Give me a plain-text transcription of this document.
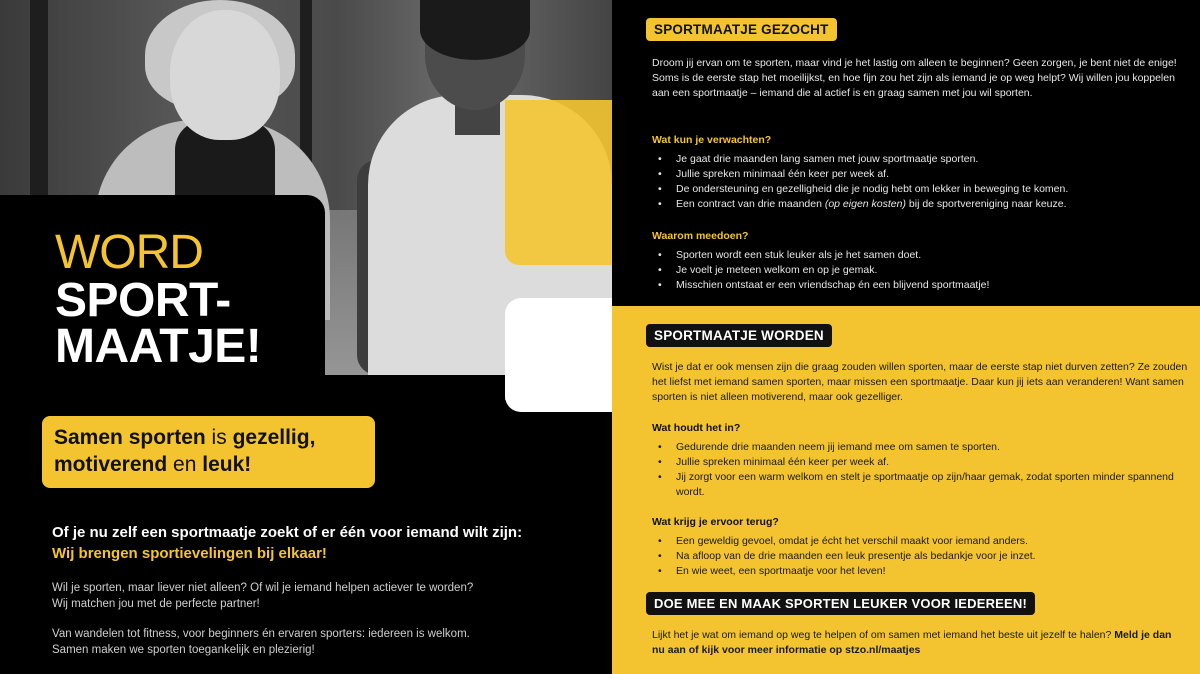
WORD
SPORT-
MAATJE!
Samen sporten is gezellig,
motiverend en leuk!
Of je nu zelf een sportmaatje zoekt of er één voor iemand wilt zijn:
Wij brengen sportievelingen bij elkaar!
Wil je sporten, maar liever niet alleen? Of wil je iemand helpen actiever te worden?
Wij matchen jou met de perfecte partner!
Van wandelen tot fitness, voor beginners én ervaren sporters: iedereen is welkom.
Samen maken we sporten toegankelijk en plezierig!
SPORTMAATJE GEZOCHT
Droom jij ervan om te sporten, maar vind je het lastig om alleen te beginnen? Geen zorgen, je bent niet de enige! Soms is de eerste stap het moeilijkst, en hoe fijn zou het zijn als iemand je op weg helpt? Wij willen jou koppelen aan een sportmaatje – iemand die al actief is en graag samen met jou wil sporten.
Wat kun je verwachten?
• Je gaat drie maanden lang samen met jouw sportmaatje sporten.
• Jullie spreken minimaal één keer per week af.
• De ondersteuning en gezelligheid die je nodig hebt om lekker in beweging te komen.
• Een contract van drie maanden (op eigen kosten) bij de sportvereniging naar keuze.
Waarom meedoen?
• Sporten wordt een stuk leuker als je het samen doet.
• Je voelt je meteen welkom en op je gemak.
• Misschien ontstaat er een vriendschap én een blijvend sportmaatje!
SPORTMAATJE WORDEN
Wist je dat er ook mensen zijn die graag zouden willen sporten, maar de eerste stap niet durven zetten? Ze zouden het liefst met iemand samen sporten, maar missen een sportmaatje. Daar kun jij iets aan veranderen! Want samen sporten is niet alleen motiverend, maar ook gezelliger.
Wat houdt het in?
• Gedurende drie maanden neem jij iemand mee om samen te sporten.
• Jullie spreken minimaal één keer per week af.
• Jij zorgt voor een warm welkom en stelt je sportmaatje op zijn/haar gemak, zodat sporten minder spannend wordt.
Wat krijg je ervoor terug?
• Een geweldig gevoel, omdat je écht het verschil maakt voor iemand anders.
• Na afloop van de drie maanden een leuk presentje als bedankje voor je inzet.
• En wie weet, een sportmaatje voor het leven!
DOE MEE EN MAAK SPORTEN LEUKER VOOR IEDEREEN!
Lijkt het je wat om iemand op weg te helpen of om samen met iemand het beste uit jezelf te halen? Meld je dan nu aan of kijk voor meer informatie op stzo.nl/maatjes
